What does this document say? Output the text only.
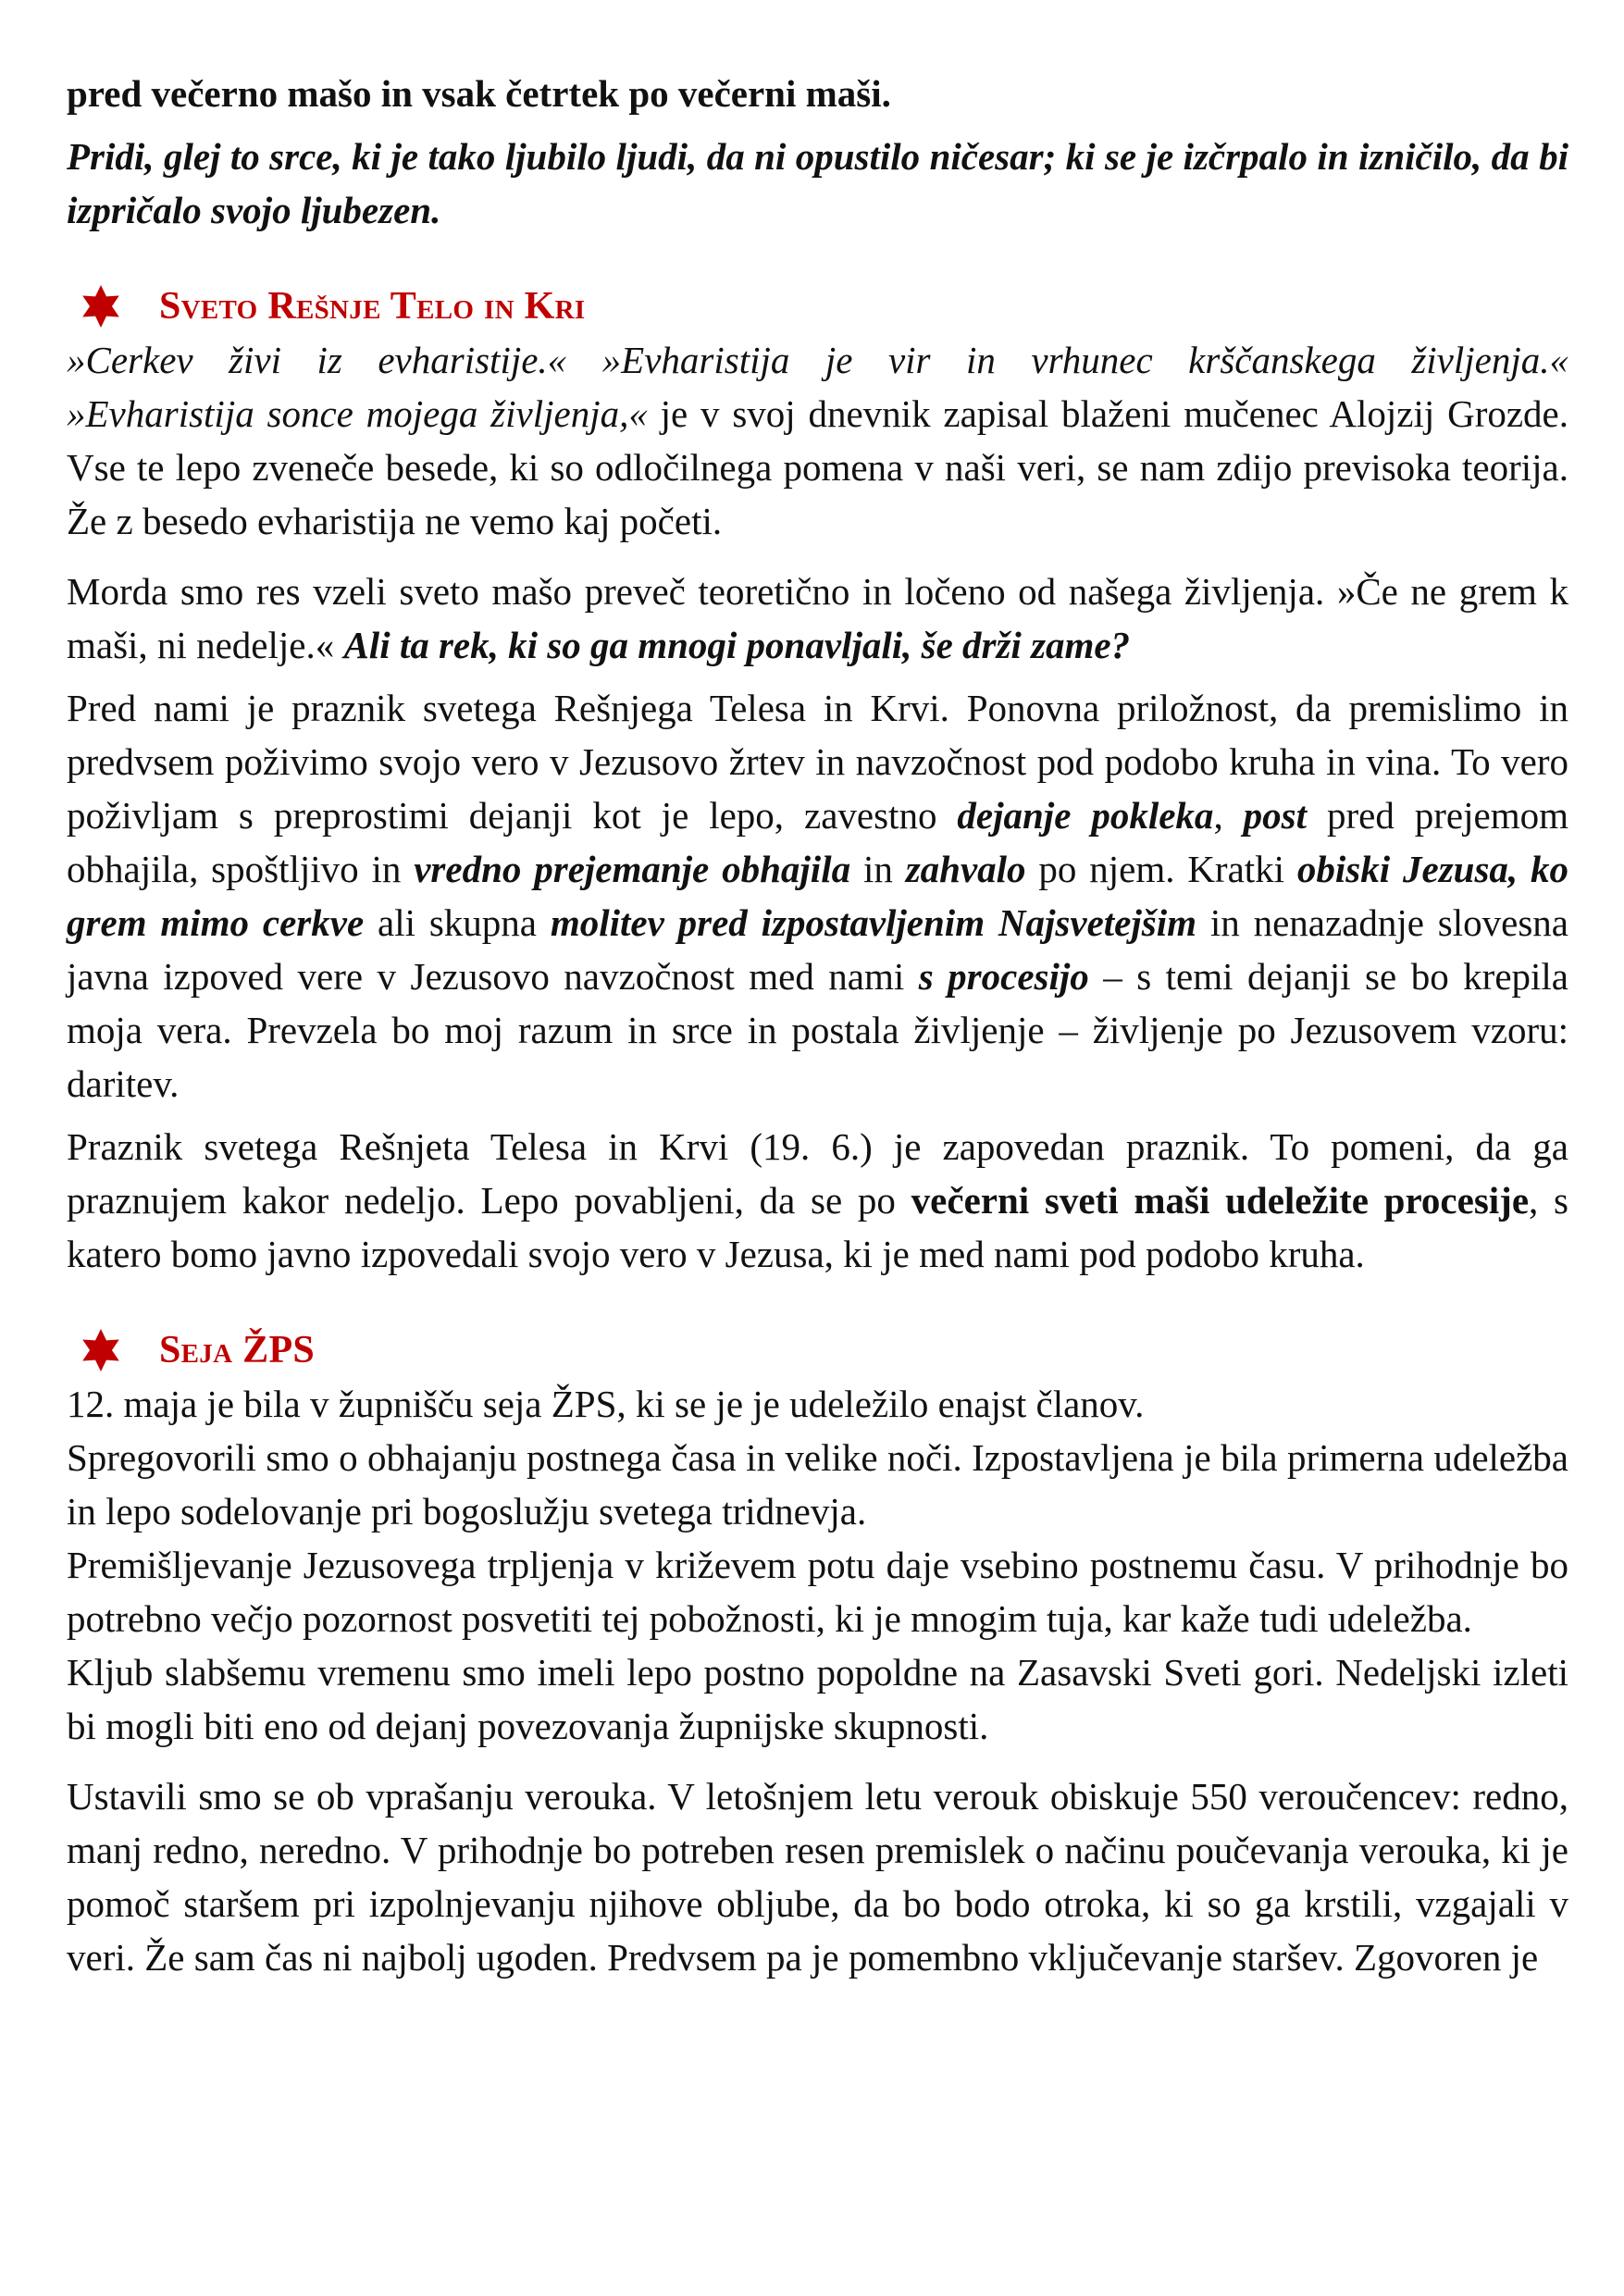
pred večerno mašo in vsak četrtek po večerni maši.

Pridi, glej to srce, ki je tako ljubilo ljudi, da ni opustilo ničesar; ki se je izčrpalo in izničilo, da bi izpričalo svojo ljubezen.

Sveto Rešnje Telo in Kri

»Cerkev živi iz evharistije.« »Evharistija je vir in vrhunec krščanskega življenja.«
»Evharistija sonce mojega življenja,« je v svoj dnevnik zapisal blaženi mučenec Alojzij Grozde. Vse te lepo zveneče besede, ki so odločilnega pomena v naši veri, se nam zdijo previsoka teorija. Že z besedo evharistija ne vemo kaj početi.

Morda smo res vzeli sveto mašo preveč teoretično in ločeno od našega življenja. »Če ne grem k maši, ni nedelje.« Ali ta rek, ki so ga mnogi ponavljali, še drži zame?

Pred nami je praznik svetega Rešnjega Telesa in Krvi. Ponovna priložnost, da premislimo in predvsem poživimo svojo vero v Jezusovo žrtev in navzočnost pod podobo kruha in vina. To vero poživljam s preprostimi dejanji kot je lepo, zavestno dejanje pokleka, post pred prejemom obhajila, spoštljivo in vredno prejemanje obhajila in zahvalo po njem. Kratki obiski Jezusa, ko grem mimo cerkve ali skupna molitev pred izpostavljenim Najsvetejšim in nenazadnje slovesna javna izpoved vere v Jezusovo navzočnost med nami s procesijo – s temi dejanji se bo krepila moja vera. Prevzela bo moj razum in srce in postala življenje – življenje po Jezusovem vzoru: daritev.

Praznik svetega Rešnjeta Telesa in Krvi (19. 6.) je zapovedan praznik. To pomeni, da ga praznujem kakor nedeljo. Lepo povabljeni, da se po večerni sveti maši udeležite procesije, s katero bomo javno izpovedali svojo vero v Jezusa, ki je med nami pod podobo kruha.

Seja ŽPS

12. maja je bila v župnišču seja ŽPS, ki se je je udeležilo enajst članov.

Spregovorili smo o obhajanju postnega časa in velike noči. Izpostavljena je bila primerna udeležba in lepo sodelovanje pri bogoslužju svetega tridnevja.

Premišljevanje Jezusovega trpljenja v križevem potu daje vsebino postnemu času. V prihodnje bo potrebno večjo pozornost posvetiti tej pobožnosti, ki je mnogim tuja, kar kaže tudi udeležba.

Kljub slabšemu vremenu smo imeli lepo postno popoldne na Zasavski Sveti gori. Nedeljski izleti bi mogli biti eno od dejanj povezovanja župnijske skupnosti.

Ustavili smo se ob vprašanju verouka. V letošnjem letu verouk obiskuje 550 veroučencev: redno, manj redno, neredno. V prihodnje bo potreben resen premislek o načinu poučevanja verouka, ki je pomoč staršem pri izpolnjevanju njihove obljube, da bo bodo otroka, ki so ga krstili, vzgajali v veri. Že sam čas ni najbolj ugoden. Predvsem pa je pomembno vključevanje staršev. Zgovoren je
